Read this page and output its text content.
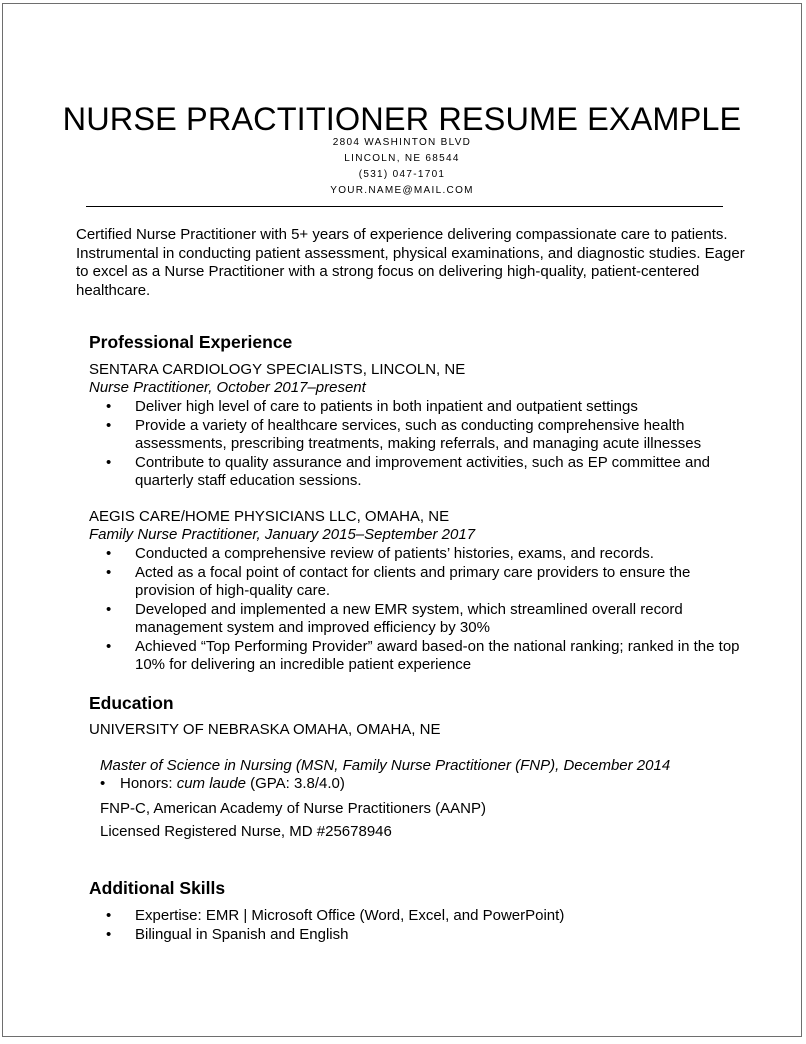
NURSE PRACTITIONER RESUME EXAMPLE
2804 WASHINTON BLVD
LINCOLN, NE 68544
(531) 047-1701
YOUR.NAME@MAIL.COM
Certified Nurse Practitioner with 5+ years of experience delivering compassionate care to patients. Instrumental in conducting patient assessment, physical examinations, and diagnostic studies. Eager to excel as a Nurse Practitioner with a strong focus on delivering high-quality, patient-centered healthcare.
Professional Experience
SENTARA CARDIOLOGY SPECIALISTS, LINCOLN, NE
Nurse Practitioner, October 2017–present
• Deliver high level of care to patients in both inpatient and outpatient settings
• Provide a variety of healthcare services, such as conducting comprehensive health assessments, prescribing treatments, making referrals, and managing acute illnesses
• Contribute to quality assurance and improvement activities, such as EP committee and quarterly staff education sessions.
AEGIS CARE/HOME PHYSICIANS LLC, OMAHA, NE
Family Nurse Practitioner, January 2015–September 2017
• Conducted a comprehensive review of patients’ histories, exams, and records.
• Acted as a focal point of contact for clients and primary care providers to ensure the provision of high-quality care.
• Developed and implemented a new EMR system, which streamlined overall record management system and improved efficiency by 30%
• Achieved “Top Performing Provider” award based-on the national ranking; ranked in the top 10% for delivering an incredible patient experience
Education
UNIVERSITY OF NEBRASKA OMAHA, OMAHA, NE
Master of Science in Nursing (MSN, Family Nurse Practitioner (FNP), December 2014
• Honors: cum laude (GPA: 3.8/4.0)
FNP-C, American Academy of Nurse Practitioners (AANP)
Licensed Registered Nurse, MD #25678946
Additional Skills
• Expertise: EMR | Microsoft Office (Word, Excel, and PowerPoint)
• Bilingual in Spanish and English
